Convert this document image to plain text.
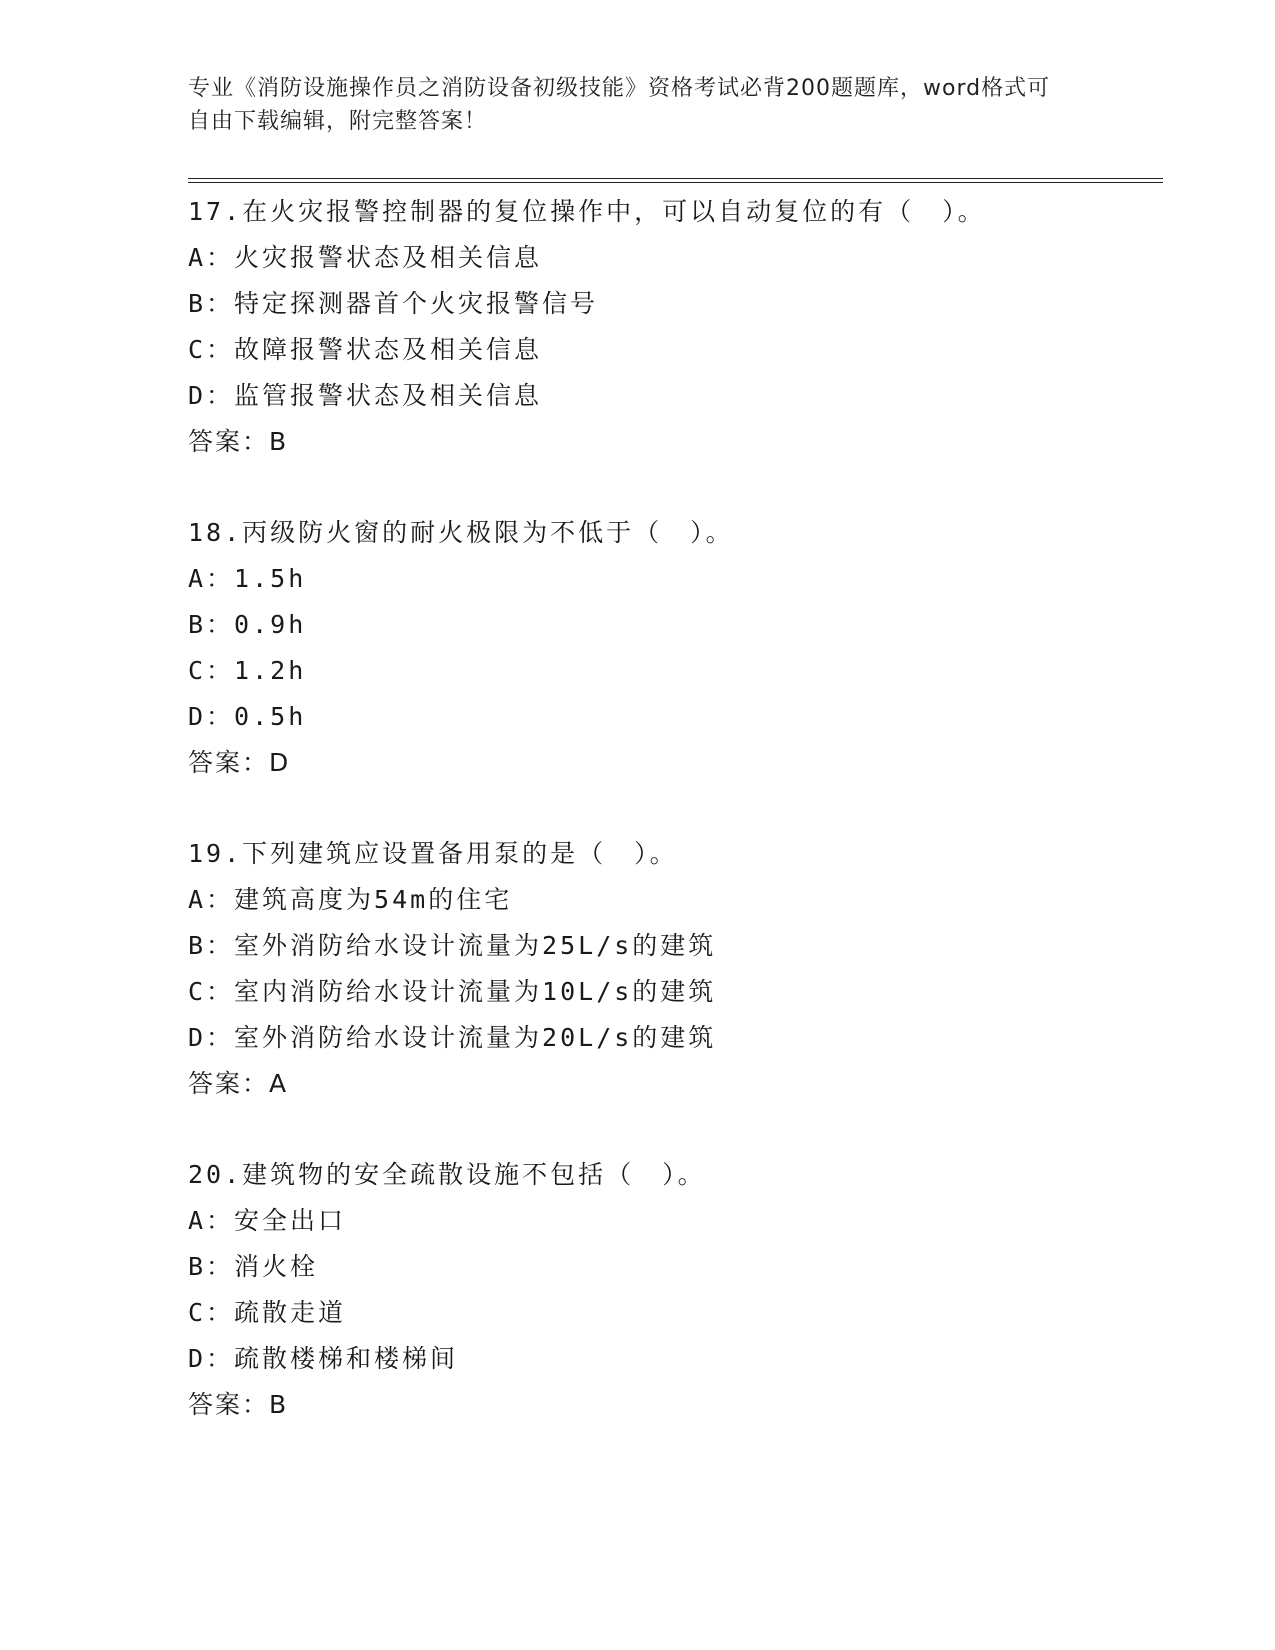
专业《消防设施操作员之消防设备初级技能》资格考试必背200题题库，word格式可自由下载编辑，附完整答案！
17.在火灾报警控制器的复位操作中，可以自动复位的有（　）。
A：火灾报警状态及相关信息
B：特定探测器首个火灾报警信号
C：故障报警状态及相关信息
D：监管报警状态及相关信息
答案：B
18.丙级防火窗的耐火极限为不低于（　）。
A：1.5h
B：0.9h
C：1.2h
D：0.5h
答案：D
19.下列建筑应设置备用泵的是（　）。
A：建筑高度为54m的住宅
B：室外消防给水设计流量为25L/s的建筑
C：室内消防给水设计流量为10L/s的建筑
D：室外消防给水设计流量为20L/s的建筑
答案：A
20.建筑物的安全疏散设施不包括（　）。
A：安全出口
B：消火栓
C：疏散走道
D：疏散楼梯和楼梯间
答案：B
